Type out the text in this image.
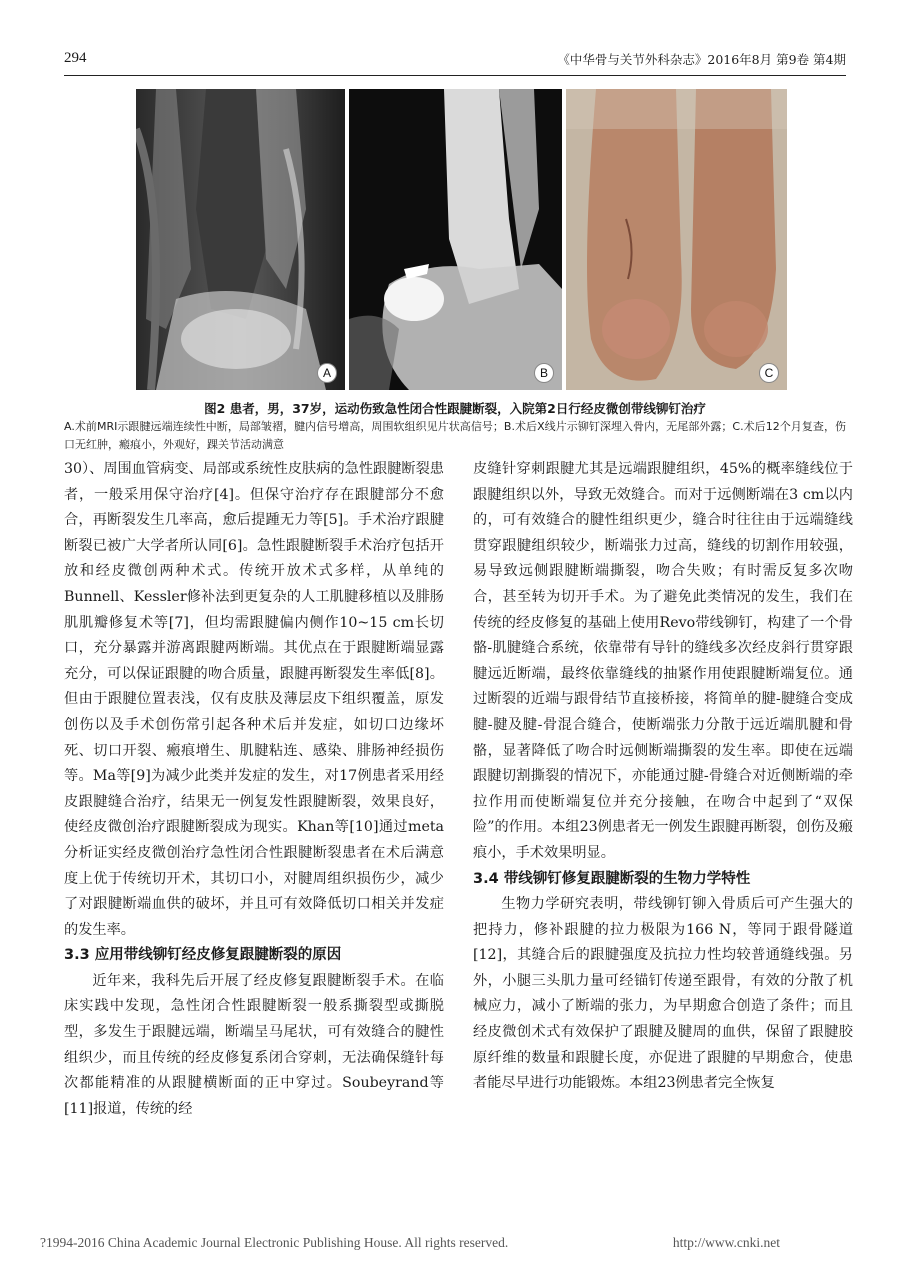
294	《中华骨与关节外科杂志》2016年8月 第9卷 第4期
A	B	C
图2 患者，男，37岁，运动伤致急性闭合性跟腱断裂，入院第2日行经皮微创带线铆钉治疗
A.术前MRI示跟腱远端连续性中断，局部皱褶，腱内信号增高，周围软组织见片状高信号；B.术后X线片示铆钉深埋入骨内，无尾部外露；C.术后12个月复查，伤口无红肿，瘢痕小，外观好，踝关节活动满意

30）、周围血管病变、局部或系统性皮肤病的急性跟腱断裂患者，一般采用保守治疗[4]。但保守治疗存在跟腱部分不愈合，再断裂发生几率高，愈后提踵无力等[5]。手术治疗跟腱断裂已被广大学者所认同[6]。急性跟腱断裂手术治疗包括开放和经皮微创两种术式。传统开放术式多样，从单纯的Bunnell、Kessler修补法到更复杂的人工肌腱移植以及腓肠肌肌瓣修复术等[7]，但均需跟腱偏内侧作10~15 cm长切口，充分暴露并游离跟腱两断端。其优点在于跟腱断端显露充分，可以保证跟腱的吻合质量，跟腱再断裂发生率低[8]。但由于跟腱位置表浅，仅有皮肤及薄层皮下组织覆盖，原发创伤以及手术创伤常引起各种术后并发症，如切口边缘坏死、切口开裂、瘢痕增生、肌腱粘连、感染、腓肠神经损伤等。Ma等[9]为减少此类并发症的发生，对17例患者采用经皮跟腱缝合治疗，结果无一例复发性跟腱断裂，效果良好，使经皮微创治疗跟腱断裂成为现实。Khan等[10]通过meta分析证实经皮微创治疗急性闭合性跟腱断裂患者在术后满意度上优于传统切开术，其切口小，对腱周组织损伤少，减少了对跟腱断端血供的破坏，并且可有效降低切口相关并发症的发生率。

3.3 应用带线铆钉经皮修复跟腱断裂的原因

近年来，我科先后开展了经皮修复跟腱断裂手术。在临床实践中发现，急性闭合性跟腱断裂一般系撕裂型或撕脱型，多发生于跟腱远端，断端呈马尾状，可有效缝合的腱性组织少，而且传统的经皮修复系闭合穿刺，无法确保缝针每次都能精准的从跟腱横断面的正中穿过。Soubeyrand等[11]报道，传统的经

皮缝针穿刺跟腱尤其是远端跟腱组织，45%的概率缝线位于跟腱组织以外，导致无效缝合。而对于远侧断端在3 cm以内的，可有效缝合的腱性组织更少，缝合时往往由于远端缝线贯穿跟腱组织较少，断端张力过高，缝线的切割作用较强，易导致远侧跟腱断端撕裂，吻合失败；有时需反复多次吻合，甚至转为切开手术。为了避免此类情况的发生，我们在传统的经皮修复的基础上使用Revo带线铆钉，构建了一个骨骼-肌腱缝合系统，依靠带有导针的缝线多次经皮斜行贯穿跟腱远近断端，最终依靠缝线的抽紧作用使跟腱断端复位。通过断裂的近端与跟骨结节直接桥接，将简单的腱-腱缝合变成腱-腱及腱-骨混合缝合，使断端张力分散于远近端肌腱和骨骼，显著降低了吻合时远侧断端撕裂的发生率。即使在远端跟腱切割撕裂的情况下，亦能通过腱-骨缝合对近侧断端的牵拉作用而使断端复位并充分接触，在吻合中起到了“双保险”的作用。本组23例患者无一例发生跟腱再断裂，创伤及瘢痕小，手术效果明显。

3.4 带线铆钉修复跟腱断裂的生物力学特性

生物力学研究表明，带线铆钉铆入骨质后可产生强大的把持力，修补跟腱的拉力极限为166 N，等同于跟骨隧道[12]，其缝合后的跟腱强度及抗拉力性均较普通缝线强。另外，小腿三头肌力量可经锚钉传递至跟骨，有效的分散了机械应力，减小了断端的张力，为早期愈合创造了条件；而且经皮微创术式有效保护了跟腱及腱周的血供，保留了跟腱胶原纤维的数量和跟腱长度，亦促进了跟腱的早期愈合，使患者能尽早进行功能锻炼。本组23例患者完全恢复

?1994-2016 China Academic Journal Electronic Publishing House. All rights reserved.	http://www.cnki.net
